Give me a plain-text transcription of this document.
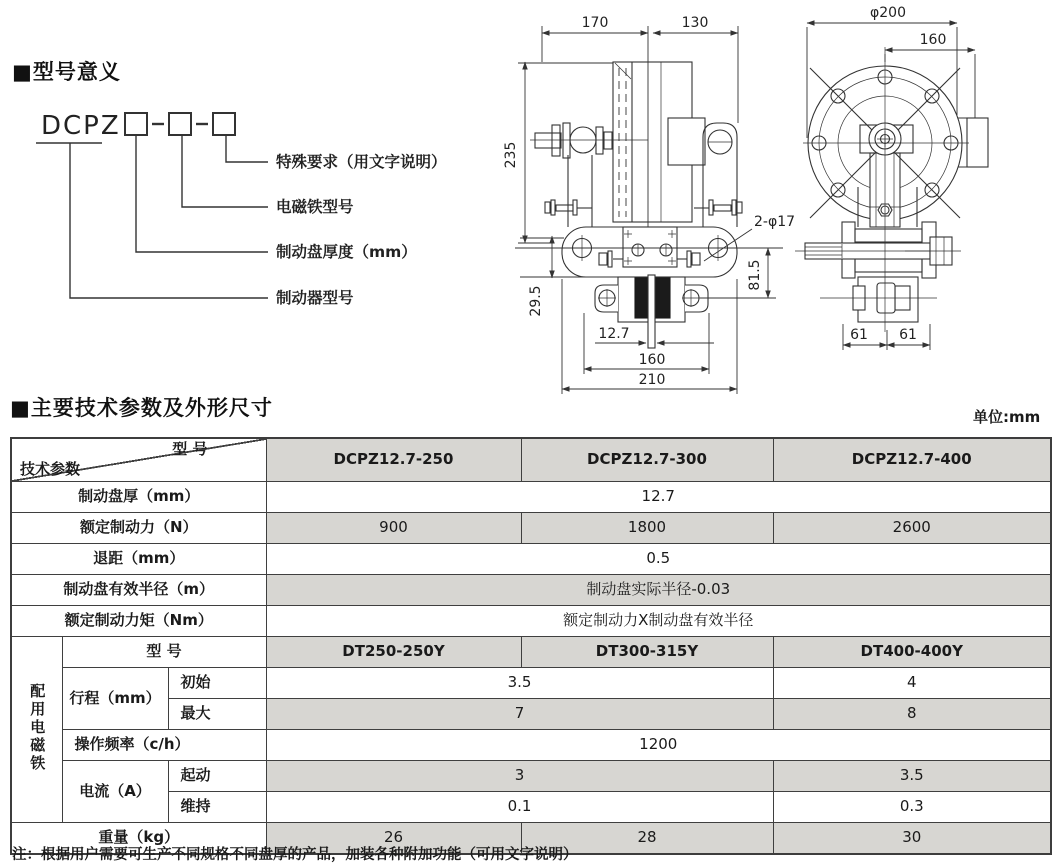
■型号意义
DCPZ
特殊要求（用文字说明）
电磁铁型号
制动盘厚度（mm）
制动器型号
170	130
235
29.5
81.5
2-φ17
12.7
160
210
φ200
160
61 61
■主要技术参数及外形尺寸	单位:mm
型 号
技术参数			DCPZ12.7-250	DCPZ12.7-300	DCPZ12.7-400
制动盘厚（mm）			12.7		
额定制动力（N）			900	1800	2600
退距（mm）			0.5		
制动盘有效半径（m）			制动盘实际半径-0.03		
额定制动力矩（Nm）			额定制动力X制动盘有效半径		
配用电磁铁	型 号		DT250-250Y	DT300-315Y	DT400-400Y
	行程（mm）	初始	3.5		4
		最大	7		8
	操作频率（c/h）		1200		
	电流（A）	起动	3		3.5
		维持	0.1		0.3
重量（kg）			26	28	30
注：根据用户需要可生产不同规格不同盘厚的产品，加装各种附加功能（可用文字说明）
